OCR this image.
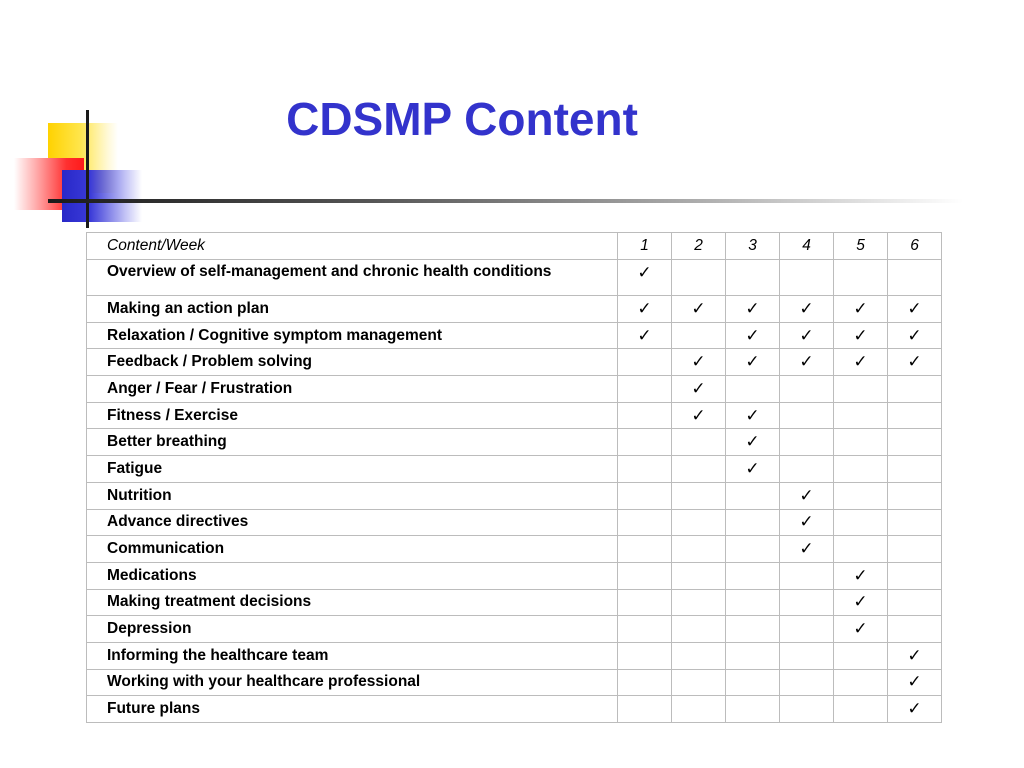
CDSMP Content
Content/Week	1	2	3	4	5	6
Overview of self-management and chronic health conditions	✓					
Making an action plan	✓	✓	✓	✓	✓	✓
Relaxation / Cognitive symptom management	✓		✓	✓	✓	✓
Feedback / Problem solving		✓	✓	✓	✓	✓
Anger / Fear / Frustration		✓				
Fitness / Exercise		✓	✓			
Better breathing			✓			
Fatigue			✓			
Nutrition				✓		
Advance directives				✓		
Communication				✓		
Medications					✓	
Making treatment decisions					✓	
Depression					✓	
Informing the healthcare team						✓
Working with your healthcare professional						✓
Future plans						✓
